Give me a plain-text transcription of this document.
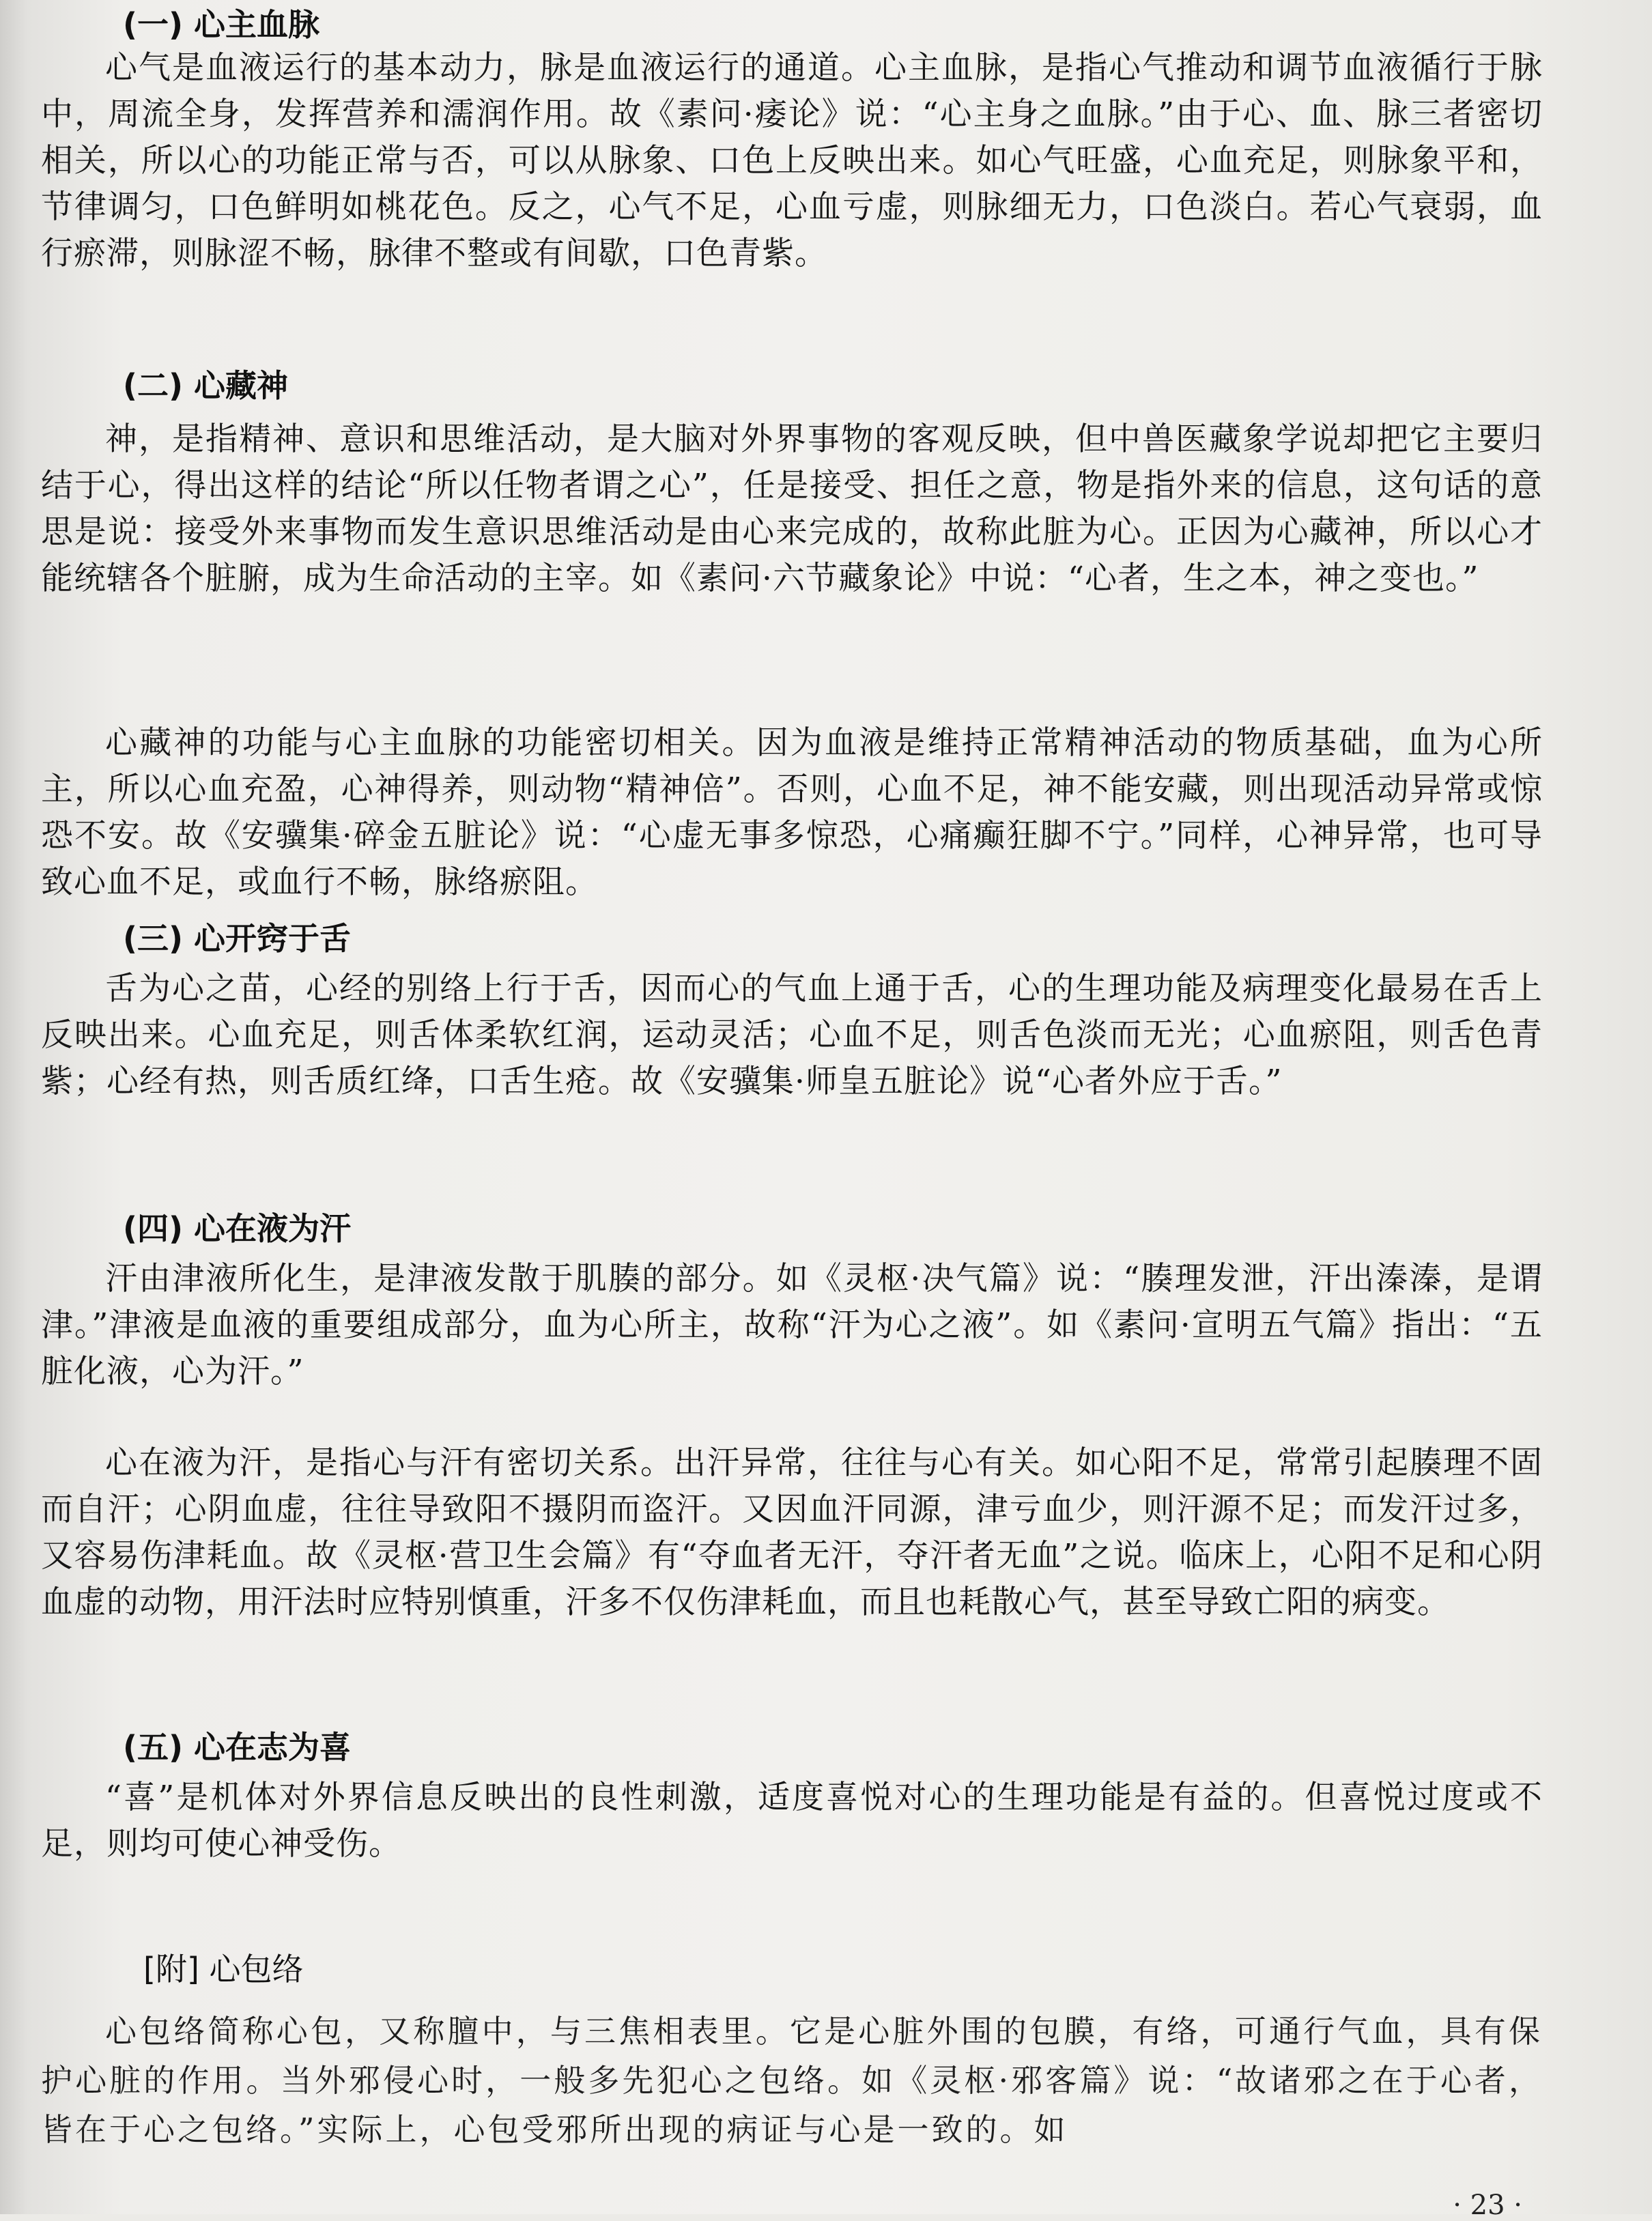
(一) 心主血脉
心气是血液运行的基本动力，脉是血液运行的通道。心主血脉，是指心气推动和调节血液循行于脉中，周流全身，发挥营养和濡润作用。故《素问·痿论》说：“心主身之血脉。”由于心、血、脉三者密切相关，所以心的功能正常与否，可以从脉象、口色上反映出来。如心气旺盛，心血充足，则脉象平和，节律调匀，口色鲜明如桃花色。反之，心气不足，心血亏虚，则脉细无力，口色淡白。若心气衰弱，血行瘀滞，则脉涩不畅，脉律不整或有间歇，口色青紫。
(二) 心藏神
神，是指精神、意识和思维活动，是大脑对外界事物的客观反映，但中兽医藏象学说却把它主要归结于心，得出这样的结论“所以任物者谓之心”，任是接受、担任之意，物是指外来的信息，这句话的意思是说：接受外来事物而发生意识思维活动是由心来完成的，故称此脏为心。正因为心藏神，所以心才能统辖各个脏腑，成为生命活动的主宰。如《素问·六节藏象论》中说：“心者，生之本，神之变也。”
心藏神的功能与心主血脉的功能密切相关。因为血液是维持正常精神活动的物质基础，血为心所主，所以心血充盈，心神得养，则动物“精神倍”。否则，心血不足，神不能安藏，则出现活动异常或惊恐不安。故《安骥集·碎金五脏论》说：“心虚无事多惊恐，心痛癫狂脚不宁。”同样，心神异常，也可导致心血不足，或血行不畅，脉络瘀阻。
(三) 心开窍于舌
舌为心之苗，心经的别络上行于舌，因而心的气血上通于舌，心的生理功能及病理变化最易在舌上反映出来。心血充足，则舌体柔软红润，运动灵活；心血不足，则舌色淡而无光；心血瘀阻，则舌色青紫；心经有热，则舌质红绛，口舌生疮。故《安骥集·师皇五脏论》说“心者外应于舌。”
(四) 心在液为汗
汗由津液所化生，是津液发散于肌腠的部分。如《灵枢·决气篇》说：“腠理发泄，汗出溱溱，是谓津。”津液是血液的重要组成部分，血为心所主，故称“汗为心之液”。如《素问·宣明五气篇》指出：“五脏化液，心为汗。”
心在液为汗，是指心与汗有密切关系。出汗异常，往往与心有关。如心阳不足，常常引起腠理不固而自汗；心阴血虚，往往导致阳不摄阴而盗汗。又因血汗同源，津亏血少，则汗源不足；而发汗过多，又容易伤津耗血。故《灵枢·营卫生会篇》有“夺血者无汗，夺汗者无血”之说。临床上，心阳不足和心阴血虚的动物，用汗法时应特别慎重，汗多不仅伤津耗血，而且也耗散心气，甚至导致亡阳的病变。
(五) 心在志为喜
“喜”是机体对外界信息反映出的良性刺激，适度喜悦对心的生理功能是有益的。但喜悦过度或不足，则均可使心神受伤。
[附] 心包络
心包络简称心包，又称膻中，与三焦相表里。它是心脏外围的包膜，有络，可通行气血，具有保护心脏的作用。当外邪侵心时，一般多先犯心之包络。如《灵枢·邪客篇》说：“故诸邪之在于心者，皆在于心之包络。”实际上，心包受邪所出现的病证与心是一致的。如
· 23 ·
